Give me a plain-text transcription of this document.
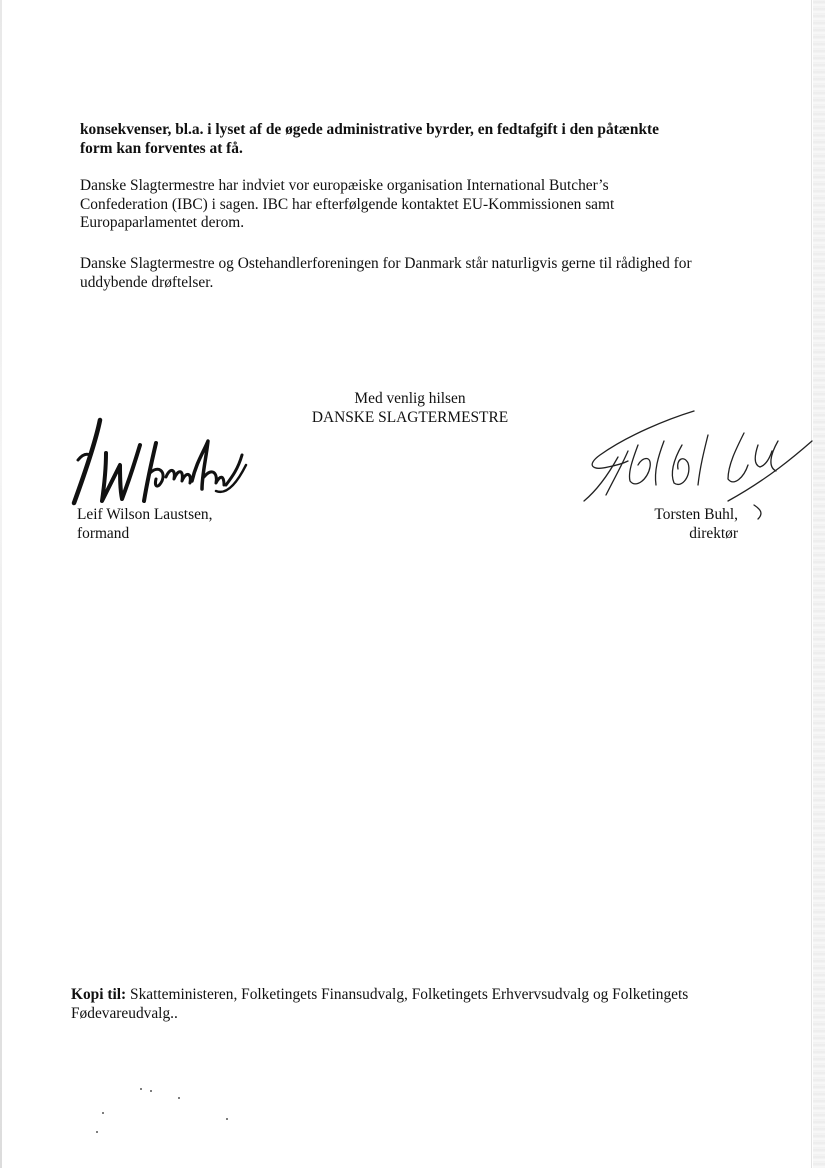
konsekvenser, bl.a. i lyset af de øgede administrative byrder, en fedtafgift i den påtænkte
form kan forventes at få.
Danske Slagtermestre har indviet vor europæiske organisation International Butcher’s
Confederation (IBC) i sagen. IBC har efterfølgende kontaktet EU-Kommissionen samt
Europaparlamentet derom.
Danske Slagtermestre og Ostehandlerforeningen for Danmark står naturligvis gerne til rådighed for
uddybende drøftelser.
Med venlig hilsen
DANSKE SLAGTERMESTRE
Leif Wilson Laustsen,
formand
Torsten Buhl,
direktør
Kopi til: Skatteministeren, Folketingets Finansudvalg, Folketingets Erhvervsudvalg og Folketingets
Fødevareudvalg..
